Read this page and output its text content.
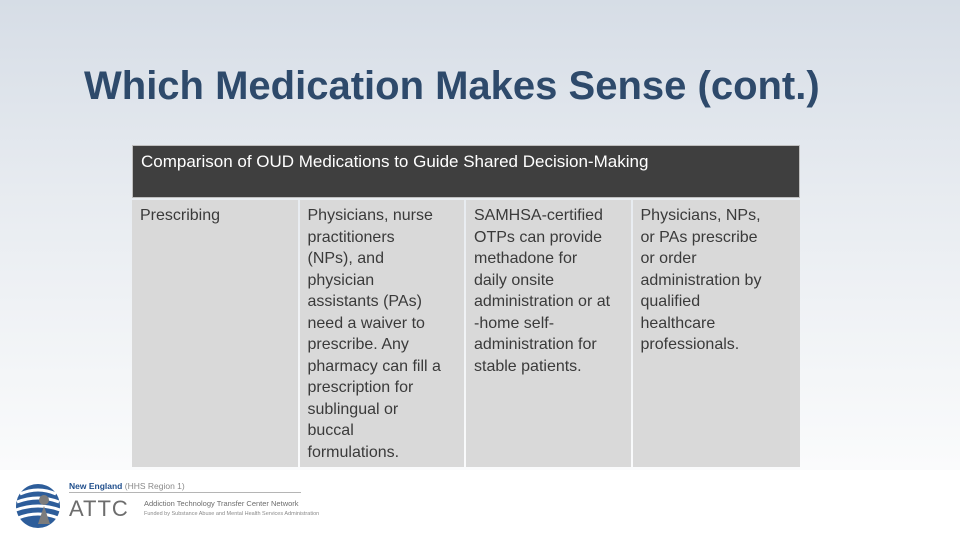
Which Medication Makes Sense (cont.)
Comparison of OUD Medications to Guide Shared Decision-Making
Prescribing	Physicians, nurse
practitioners
(NPs), and
physician
assistants (PAs)
need a waiver to
prescribe. Any
pharmacy can fill a
prescription for
sublingual or
buccal
formulations.
SAMHSA-certified
OTPs can provide
methadone for
daily onsite
administration or at
-home self-
administration for
stable patients.
Physicians, NPs,
or PAs prescribe
or order
administration by
qualified
healthcare
professionals.
New England (HHS Region 1)
ATTC Addiction Technology Transfer Center Network
Funded by Substance Abuse and Mental Health Services Administration
